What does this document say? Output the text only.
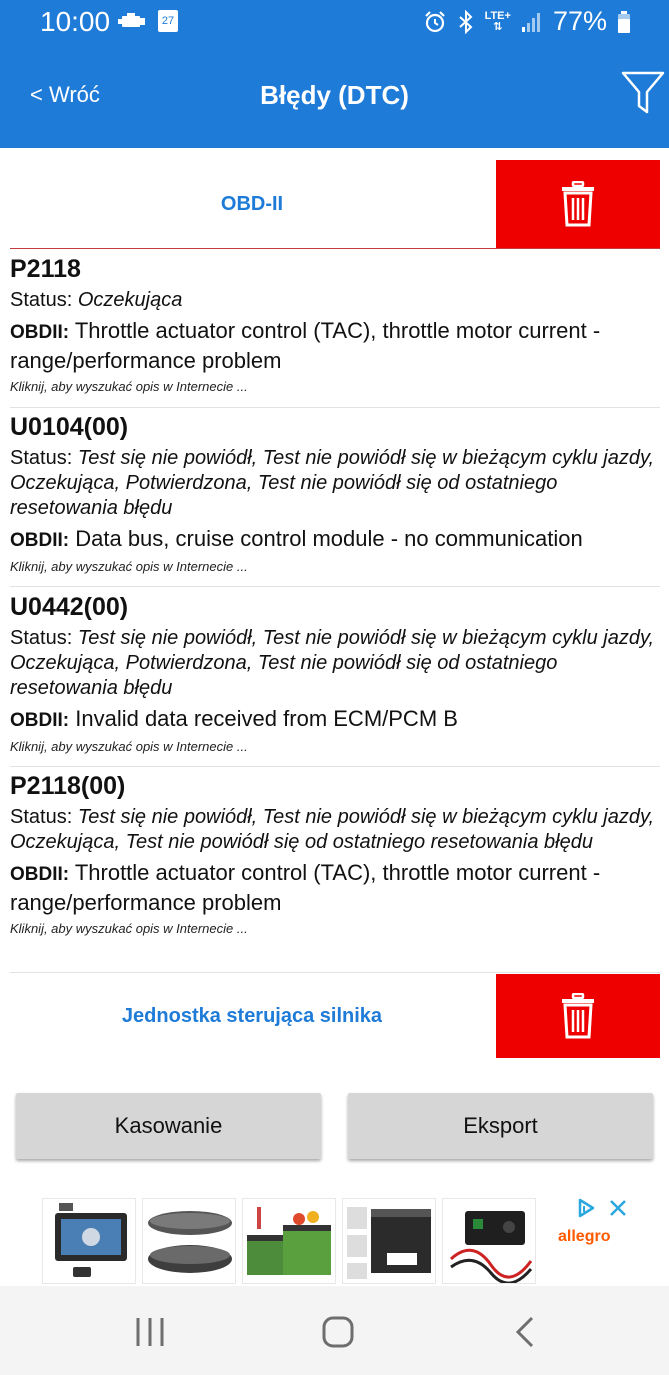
10:00	27	LTE+
⇅	77%
< Wróć	Błędy (DTC)
OBD-II
P2118
Status: Oczekująca
OBDII: Throttle actuator control (TAC), throttle motor current - range/performance problem
Kliknij, aby wyszukać opis w Internecie ...
U0104(00)
Status: Test się nie powiódł, Test nie powiódł się w bieżącym cyklu jazdy, Oczekująca, Potwierdzona, Test nie powiódł się od ostatniego resetowania błędu
OBDII: Data bus, cruise control module - no communication
Kliknij, aby wyszukać opis w Internecie ...
U0442(00)
Status: Test się nie powiódł, Test nie powiódł się w bieżącym cyklu jazdy, Oczekująca, Potwierdzona, Test nie powiódł się od ostatniego resetowania błędu
OBDII: Invalid data received from ECM/PCM B
Kliknij, aby wyszukać opis w Internecie ...
P2118(00)
Status: Test się nie powiódł, Test nie powiódł się w bieżącym cyklu jazdy, Oczekująca, Test nie powiódł się od ostatniego resetowania błędu
OBDII: Throttle actuator control (TAC), throttle motor current - range/performance problem
Kliknij, aby wyszukać opis w Internecie ...
Jednostka sterująca silnika
Kasowanie	Eksport
allegro
